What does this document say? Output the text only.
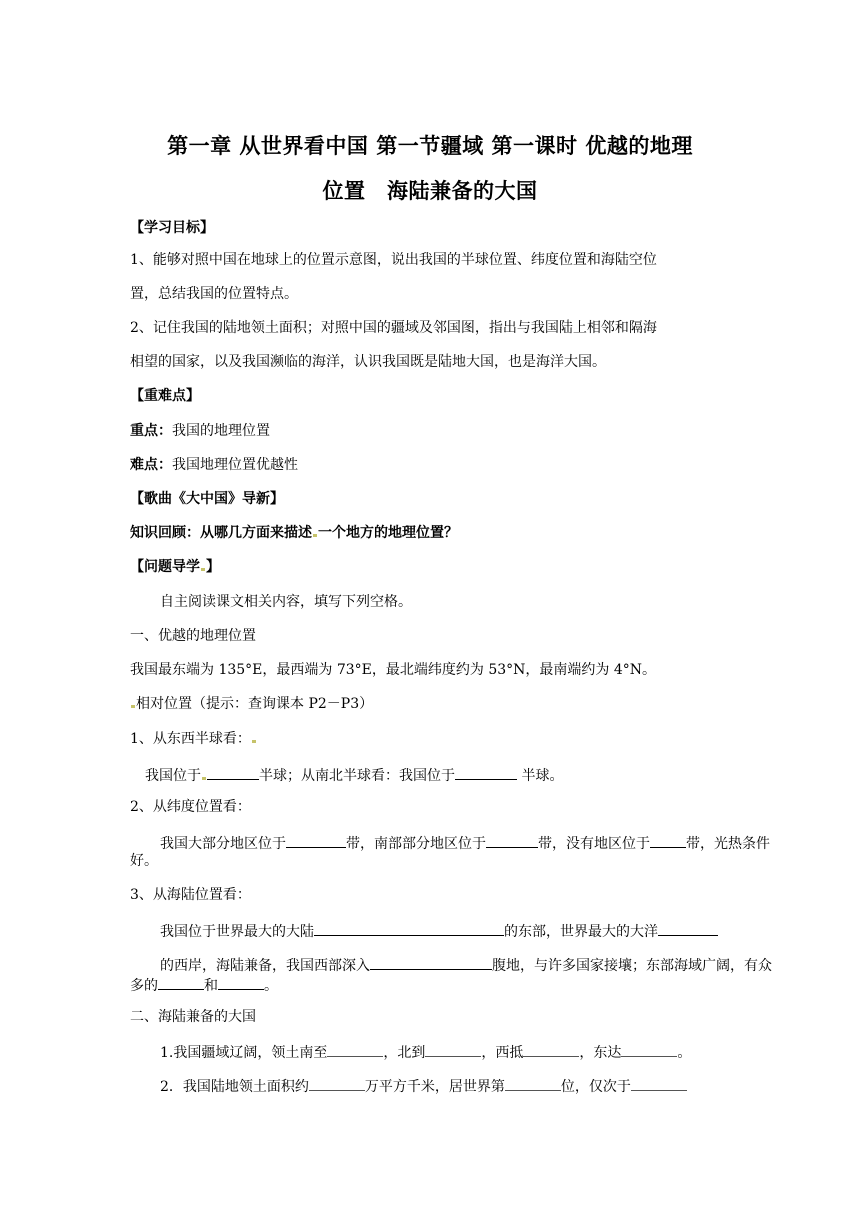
第一章 从世界看中国 第一节疆域 第一课时 优越的地理
位置　海陆兼备的大国
【学习目标】
1、能够对照中国在地球上的位置示意图，说出我国的半球位置、纬度位置和海陆空位
置，总结我国的位置特点。
2、记住我国的陆地领土面积；对照中国的疆域及邻国图，指出与我国陆上相邻和隔海
相望的国家，以及我国濒临的海洋，认识我国既是陆地大国，也是海洋大国。
【重难点】
重点：我国的地理位置
难点：我国地理位置优越性
【歌曲《大中国》导新】
知识回顾：从哪几方面来描述 一个地方的地理位置？
【问题导学 】
自主阅读课文相关内容，填写下列空格。
一、优越的地理位置
我国最东端为 135°E，最西端为 73°E，最北端纬度约为 53°N，最南端约为 4°N。
相对位置（提示：查询课本 P2－P3）
1、从东西半球看：
我国位于	半球；从南北半球看：我国位于	半球。
2、从纬度位置看：
我国大部分地区位于	带，南部部分地区位于	带，没有地区位于	带，光热条件
好。
3、从海陆位置看：
我国位于世界最大的大陆	的东部，世界最大的大洋
的西岸，海陆兼备，我国西部深入	腹地，与许多国家接壤；东部海域广阔，有众
多的	和	。
二、海陆兼备的大国
1.我国疆域辽阔，领土南至	，北到	，西抵	，东达	。
2．我国陆地领土面积约	万平方千米，居世界第	位，仅次于
